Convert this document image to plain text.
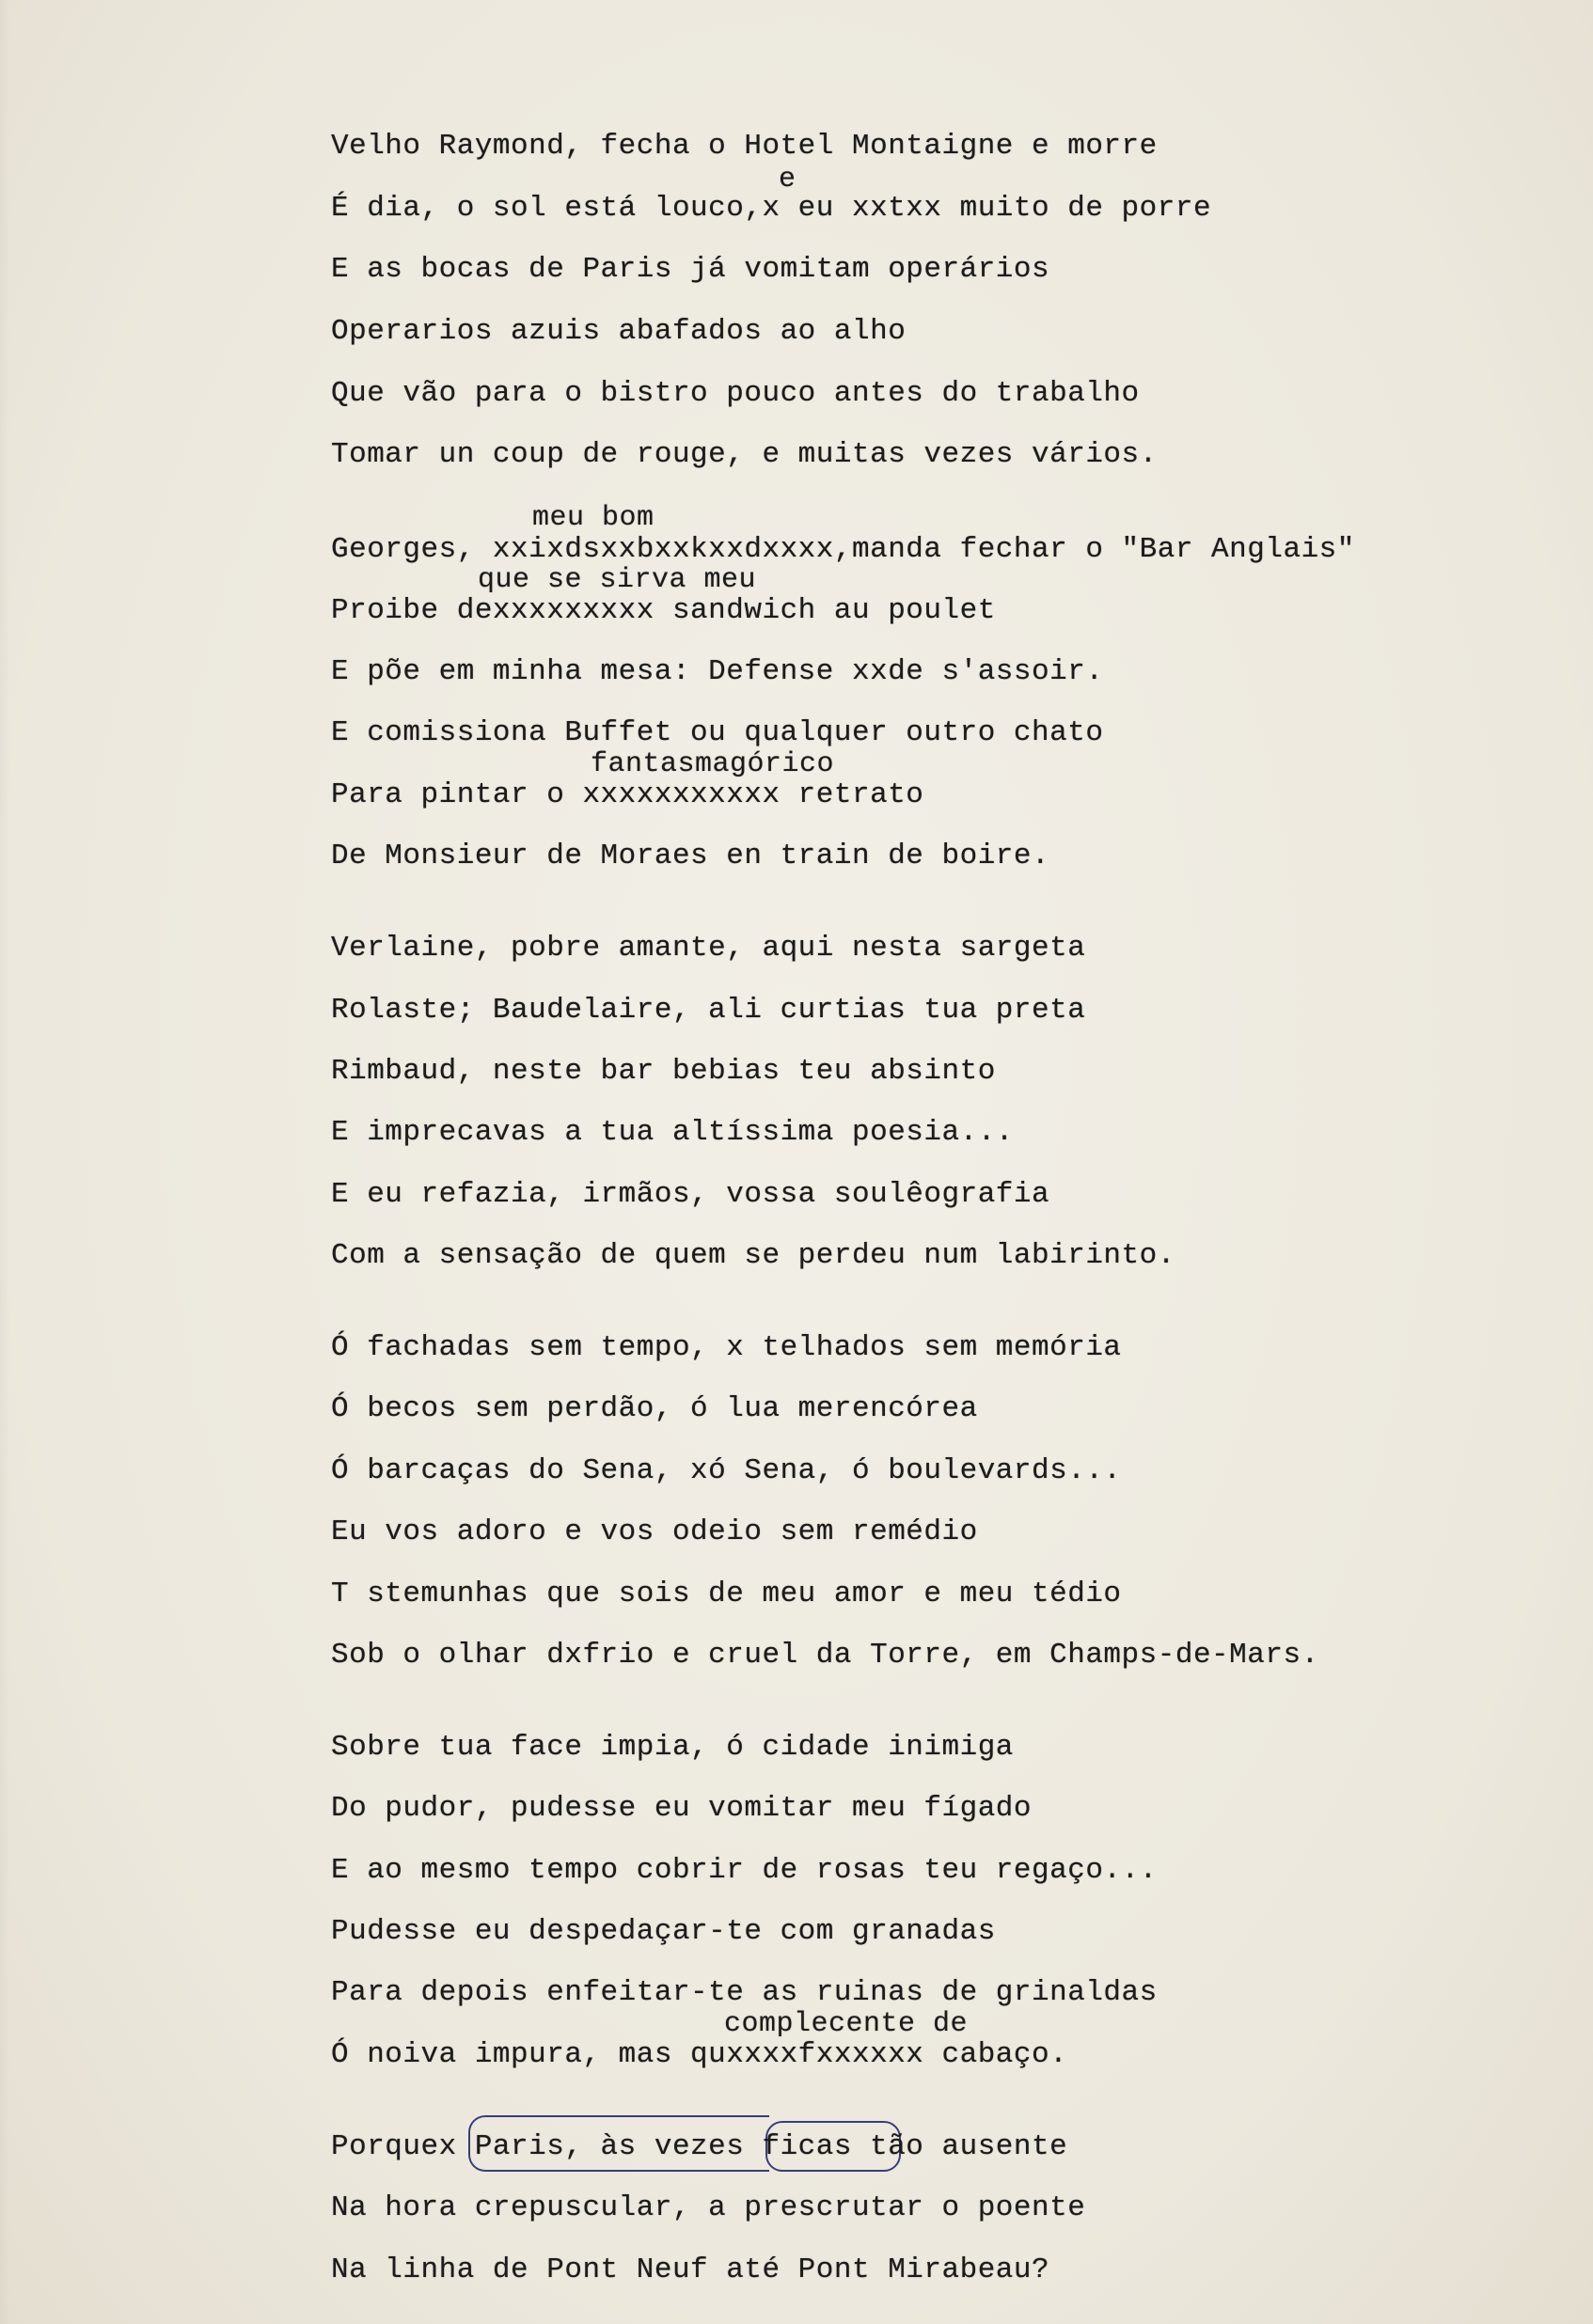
Velho Raymond, fecha o Hotel Montaigne e morre
e
É dia, o sol está louco,x eu xxtxx muito de porre
E as bocas de Paris já vomitam operários
Operarios azuis abafados ao alho
Que vão para o bistro pouco antes do trabalho
Tomar un coup de rouge, e muitas vezes vários.
meu bom
Georges, xxixdsxxbxxkxxdxxxx,manda fechar o "Bar Anglais"
que se sirva meu
Proibe dexxxxxxxxx sandwich au poulet
E põe em minha mesa: Defense xxde s'assoir.
E comissiona Buffet ou qualquer outro chato
fantasmagórico
Para pintar o xxxxxxxxxxx retrato
De Monsieur de Moraes en train de boire.
Verlaine, pobre amante, aqui nesta sargeta
Rolaste; Baudelaire, ali curtias tua preta
Rimbaud, neste bar bebias teu absinto
E imprecavas a tua altíssima poesia...
E eu refazia, irmãos, vossa soulêografia
Com a sensação de quem se perdeu num labirinto.
Ó fachadas sem tempo, x telhados sem memória
Ó becos sem perdão, ó lua merencórea
Ó barcaças do Sena, xó Sena, ó boulevards...
Eu vos adoro e vos odeio sem remédio
T stemunhas que sois de meu amor e meu tédio
Sob o olhar dxfrio e cruel da Torre, em Champs-de-Mars.
Sobre tua face impia, ó cidade inimiga
Do pudor, pudesse eu vomitar meu fígado
E ao mesmo tempo cobrir de rosas teu regaço...
Pudesse eu despedaçar-te com granadas
Para depois enfeitar-te as ruinas de grinaldas
complecente de
Ó noiva impura, mas quxxxxfxxxxxx cabaço.
Porquex Paris, às vezes ficas tão ausente
Na hora crepuscular, a prescrutar o poente
Na linha de Pont Neuf até Pont Mirabeau?
